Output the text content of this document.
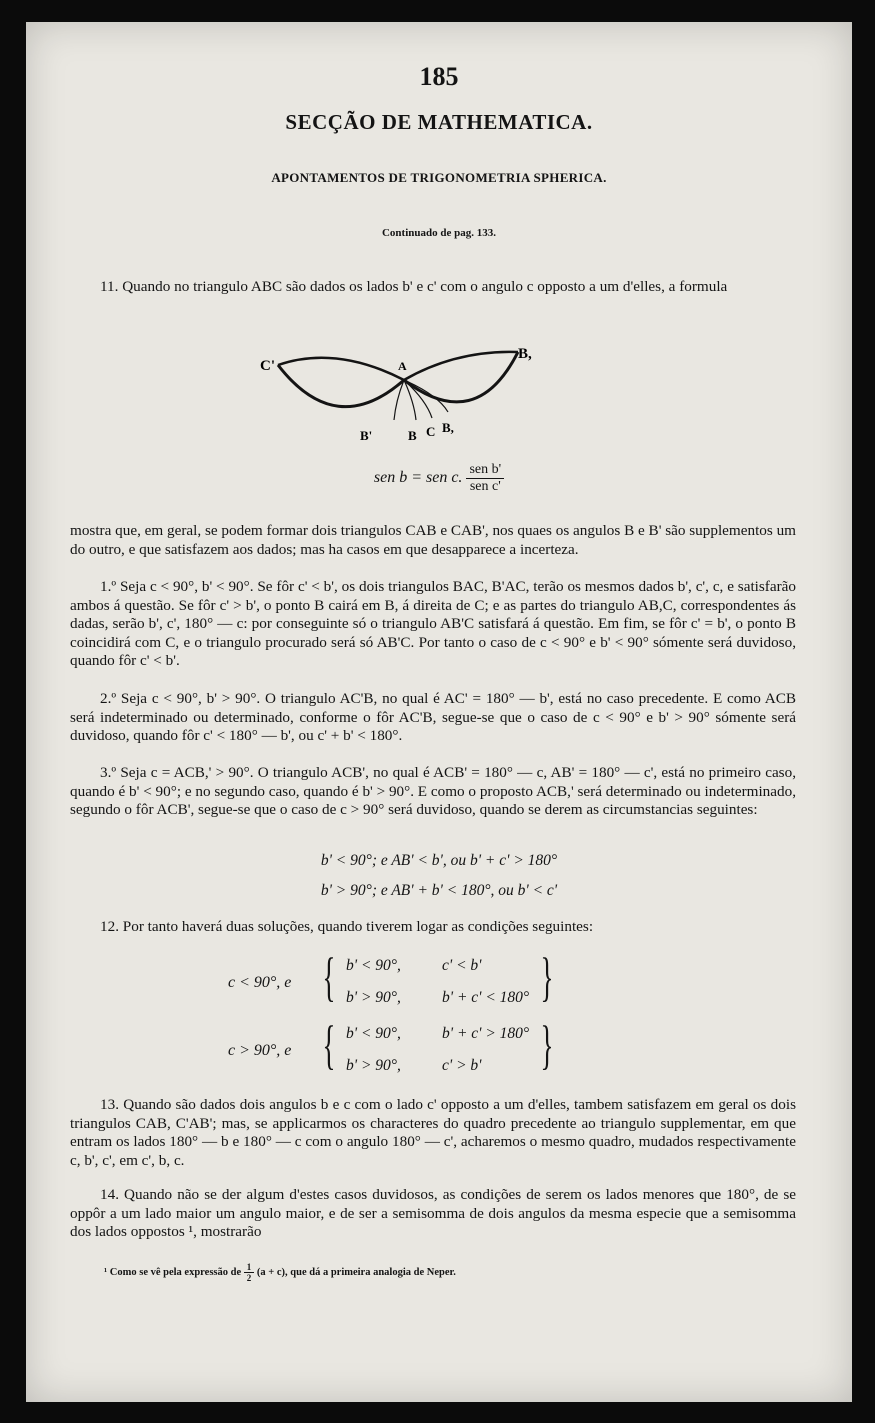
185
SECÇÃO DE MATHEMATICA.
APONTAMENTOS DE TRIGONOMETRIA SPHERICA.
Continuado de pag. 133.
11. Quando no triangulo ABC são dados os lados b' e c' com o angulo c opposto a um d'elles, a formula
C'	A
B,
B'	B C B,
sen b = sen c. $\frac{\text{sen b'}}{\text{sen c'}}$
mostra que, em geral, se podem formar dois triangulos CAB e CAB', nos quaes os angulos B e B' são supplementos um do outro, e que satisfazem aos dados; mas ha casos em que desapparece a incerteza.
1.º Seja c < 90°, b' < 90°. Se fôr c' < b', os dois triangulos BAC, B'AC, terão os mesmos dados b', c', c, e satisfarão ambos á questão. Se fôr c' > b', o ponto B cairá em B, á direita de C; e as partes do triangulo AB,C, correspondentes ás dadas, serão b', c', 180° — c: por conseguinte só o triangulo AB'C satisfará á questão. Em fim, se fôr c' = b', o ponto B coincidirá com C, e o triangulo procurado será só AB'C. Por tanto o caso de c < 90° e b' < 90° sómente será duvidoso, quando fôr c' < b'.
2.º Seja c < 90°, b' > 90°. O triangulo AC'B, no qual é AC' = 180° — b', está no caso precedente. E como ACB será indeterminado ou determinado, conforme o fôr AC'B, segue-se que o caso de c < 90° e b' > 90° sómente será duvidoso, quando fôr c' < 180° — b', ou c' + b' < 180°.
3.º Seja c = ACB,' > 90°. O triangulo ACB', no qual é ACB' = 180° — c, AB' = 180° — c', está no primeiro caso, quando é b' < 90°; e no segundo caso, quando é b' > 90°. E como o proposto ACB,' será determinado ou indeterminado, segundo o fôr ACB', segue-se que o caso de c > 90° será duvidoso, quando se derem as circumstancias seguintes:
b' < 90°; e AB' < b', ou b' + c' > 180°
b' > 90°; e AB' + b' < 180°, ou b' < c'
12. Por tanto haverá duas soluções, quando tiverem logar as condições seguintes:
c < 90°, e { b' < 90°,	c' < b'
b' > 90°,	b' + c' < 180° }
c > 90°, e { b' < 90°,	b' + c' > 180°
b' > 90°,	c' > b' }
13. Quando são dados dois angulos b e c com o lado c' opposto a um d'elles, tambem satisfazem em geral os dois triangulos CAB, C'AB'; mas, se applicarmos os characteres do quadro precedente ao triangulo supplementar, em que entram os lados 180° — b e 180° — c com o angulo 180° — c', acharemos o mesmo quadro, mudados respectivamente c, b', c', em c', b, c.
14. Quando não se der algum d'estes casos duvidosos, as condições de serem os lados menores que 180°, de se oppôr a um lado maior um angulo maior, e de ser a semisomma de dois angulos da mesma especie que a semisomma dos lados oppostos ¹, mostrarão
¹ Como se vê pela expressão de $\frac{1}{2} (a + c)$, que dá a primeira analogia de Neper.
